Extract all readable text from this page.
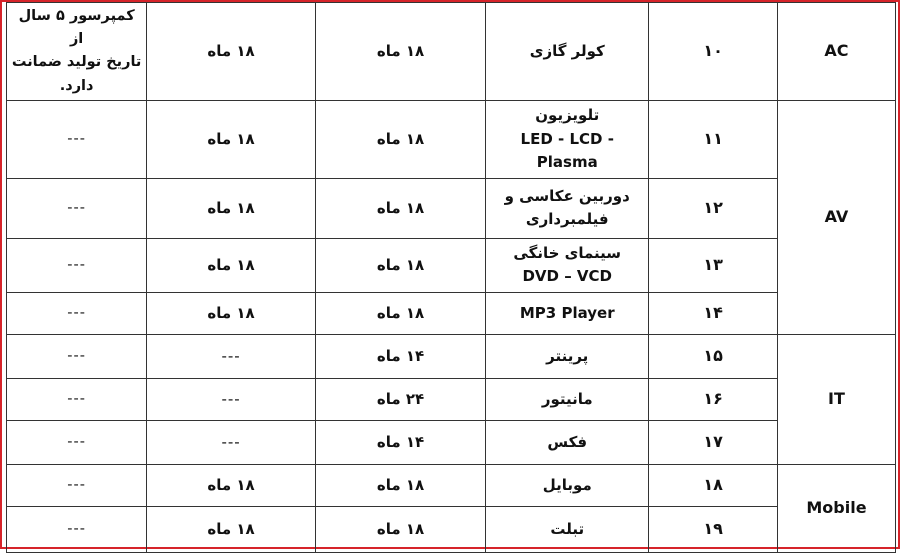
AC	۱۰	کولر گازی	۱۸ ماه	۱۸ ماه	کمپرسور ۵ سال از
تاریخ تولید ضمانت
دارد.

AV	۱۱	تلویزیون
LED - LCD -
Plasma	۱۸ ماه	۱۸ ماه	---
	۱۲	دوربین عکاسی و
فیلمبرداری	۱۸ ماه	۱۸ ماه	---
	۱۳	سینمای خانگی
DVD – VCD	۱۸ ماه	۱۸ ماه	---
	۱۴	MP3 Player	۱۸ ماه	۱۸ ماه	---
IT	۱۵	پرینتر	۱۴ ماه	---	---
	۱۶	مانیتور	۲۴ ماه	---	---
	۱۷	فکس	۱۴ ماه	---	---
Mobile	۱۸	موبایل	۱۸ ماه	۱۸ ماه	---
	۱۹	تبلت	۱۸ ماه	۱۸ ماه	---
